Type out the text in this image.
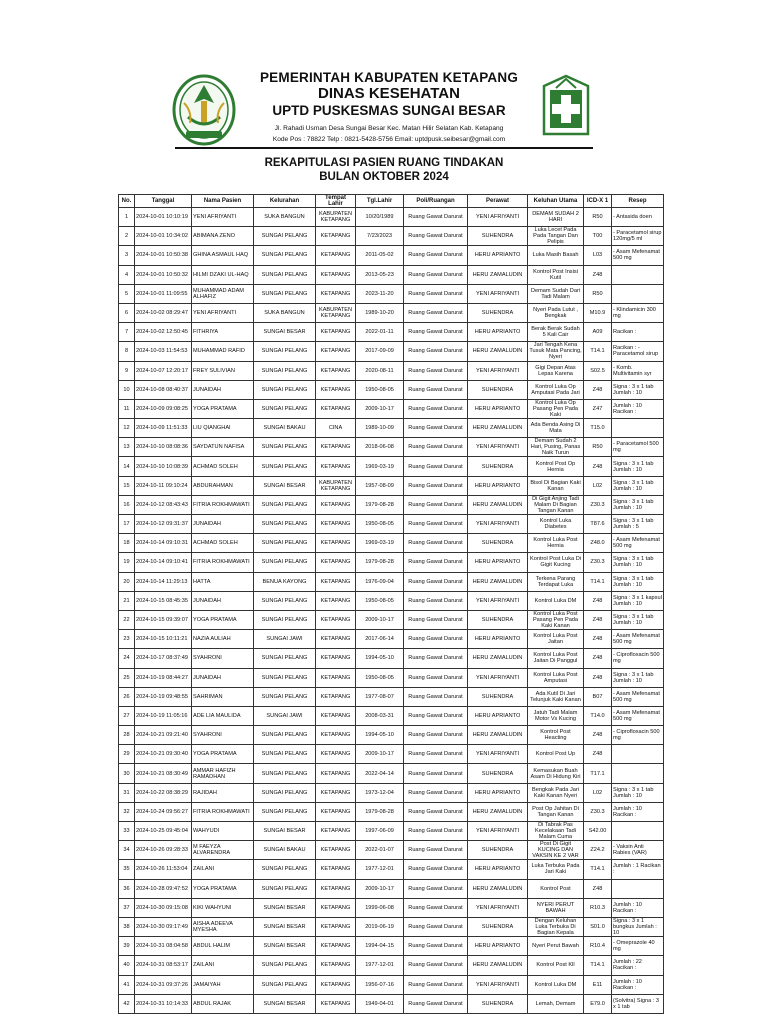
PEMERINTAH KABUPATEN KETAPANG
DINAS KESEHATAN
UPTD PUSKESMAS SUNGAI BESAR
Jl. Rahadi Usman Desa Sungai Besar Kec. Matan Hilir Selatan Kab. Ketapang
Kode Pos : 78822 Telp : 0821-5428-5756 Email: uptdpusk.seibesar@gmail.com
REKAPITULASI PASIEN RUANG TINDAKAN
BULAN OKTOBER 2024
No.	Tanggal	Nama Pasien	Kelurahan	Tempat Lahir	Tgl.Lahir	Poli/Ruangan	Perawat	Keluhan Utama	ICD-X 1	Resep
1	2024-10-01 10:10:19	YENI AFRIYANTI	SUKA BANGUN	KABUPATEN KETAPANG	10/20/1989	Ruang Gawat Darurat	YENI AFRIYANTI	DEMAM SUDAH 2 HARI	R50	- Antasida doen
2	2024-10-01 10:34:02	ABIMANA ZENO	SUNGAI PELANG	KETAPANG	7/23/2023	Ruang Gawat Darurat	SUHENDRA	Luka Lecet Pada Pada Tangan Dan Pelipis	T00	- Paracetamol sirup 120mg/5 ml
3	2024-10-01 10:50:38	GHINA ASMAUL HAQ	SUNGAI PELANG	KETAPANG	2011-05-02	Ruang Gawat Darurat	HERU APRIANTO	Luka Masih Basah	L03	- Asam Mefenamat 500 mg
4	2024-10-01 10:50:32	HILMI DZAKI UL-HAQ	SUNGAI PELANG	KETAPANG	2013-05-23	Ruang Gawat Darurat	HERU ZAMALUDIN	Kontrol Post Insisi Kutil	Z48	
5	2024-10-01 11:09:55	MUHAMMAD ADAM ALHAFIZ	SUNGAI PELANG	KETAPANG	2023-11-20	Ruang Gawat Darurat	YENI AFRIYANTI	Demam Sudah Dari Tadi Malam	R50	
6	2024-10-02 08:29:47	YENI AFRIYANTI	SUKA BANGUN	KABUPATEN KETAPANG	1989-10-20	Ruang Gawat Darurat	SUHENDRA	Nyeri Pada Lutut , Bengkak	M10.9	- Klindamicin 300 mg
7	2024-10-02 12:50:45	FITHRIYA	SUNGAI BESAR	KETAPANG	2022-01-11	Ruang Gawat Darurat	HERU APRIANTO	Berak Berak Sudah 5 Kali Cair	A09	Racikan :
8	2024-10-03 11:54:53	MUHAMMAD RAFID	SUNGAI PELANG	KETAPANG	2017-09-09	Ruang Gawat Darurat	HERU ZAMALUDIN	Jari Tengah Kena Tusuk Mata Pancing, Nyeri	T14.1	Racikan : - Paracetamol sirup
9	2024-10-07 12:20:17	FREY SULIVIAN	SUNGAI PELANG	KETAPANG	2020-08-11	Ruang Gawat Darurat	YENI AFRIYANTI	Gigi Depan Atas Lepas Karena	S02.5	- Komb. Multivitamin syr
10	2024-10-08 08:40:37	JUNAIDAH	SUNGAI PELANG	KETAPANG	1950-08-05	Ruang Gawat Darurat	SUHENDRA	Kontrol Luka Op Amputasi Pada Jari	Z48	Signa : 3 x 1 tab Jumlah : 10
11	2024-10-09 09:08:25	YOGA PRATAMA	SUNGAI PELANG	KETAPANG	2009-10-17	Ruang Gawat Darurat	HERU APRIANTO	Kontrol Luka Op Pasang Pen Pada Kaki	Z47	Jumlah : 10 Racikan :
12	2024-10-09 11:51:33	LIU QIANGHAI	SUNGAI BAKAU	CINA	1989-10-09	Ruang Gawat Darurat	HERU ZAMALUDIN	Ada Benda Asing Di Mata	T15.0	
13	2024-10-10 08:08:36	SAYDATUN NAFISA	SUNGAI PELANG	KETAPANG	2018-06-08	Ruang Gawat Darurat	YENI AFRIYANTI	Demam Sudah 2 Hari, Pusing, Panas Naik Turun	R50	- Paracetamol 500 mg
14	2024-10-10 10:08:39	ACHMAD SOLEH	SUNGAI PELANG	KETAPANG	1969-03-19	Ruang Gawat Darurat	SUHENDRA	Kontrol Post Op Hernia	Z48	Signa : 3 x 1 tab Jumlah : 10
15	2024-10-11 09:10:24	ABDURAHMAN	SUNGAI BESAR	KABUPATEN KETAPANG	1957-08-09	Ruang Gawat Darurat	HERU APRIANTO	Bisol Di Bagian Kaki Kanan	L02	Signa : 3 x 1 tab Jumlah : 10
16	2024-10-12 08:43:43	FITRIA ROKHMAWATI	SUNGAI PELANG	KETAPANG	1979-08-28	Ruang Gawat Darurat	HERU ZAMALUDIN	Di Gigit Anjing Tadi Malam Di Bagian Tangan Kanan	Z30.3	Signa : 3 x 1 tab Jumlah : 10
17	2024-10-12 09:31:37	JUNAIDAH	SUNGAI PELANG	KETAPANG	1950-08-05	Ruang Gawat Darurat	YENI AFRIYANTI	Kontrol Luka Diabetes	T87.6	Signa : 3 x 1 tab Jumlah : 5
18	2024-10-14 09:10:31	ACHMAD SOLEH	SUNGAI PELANG	KETAPANG	1969-03-19	Ruang Gawat Darurat	SUHENDRA	Kontrol Luka Post Hernia	Z48.0	- Asam Mefenamat 500 mg
19	2024-10-14 09:10:41	FITRIA ROKHMAWATI	SUNGAI PELANG	KETAPANG	1979-08-28	Ruang Gawat Darurat	HERU APRIANTO	Kontrol Post Luka Di Gigit Kucing	Z30.3	Signa : 3 x 1 tab Jumlah : 10
20	2024-10-14 11:29:13	HATTA	BENUA KAYONG	KETAPANG	1976-09-04	Ruang Gawat Darurat	HERU ZAMALUDIN	Terkena Parang Terdapat Luka	T14.1	Signa : 3 x 1 tab Jumlah : 10
21	2024-10-15 08:45:35	JUNAIDAH	SUNGAI PELANG	KETAPANG	1950-08-05	Ruang Gawat Darurat	YENI AFRIYANTI	Kontrol Luka DM	Z48	Signa : 3 x 1 kapsul Jumlah : 10
22	2024-10-15 09:39:07	YOGA PRATAMA	SUNGAI PELANG	KETAPANG	2009-10-17	Ruang Gawat Darurat	SUHENDRA	Kontrol Luka Post Pasang Pen Pada Kaki Kanan	Z48	Signa : 3 x 1 tab Jumlah : 10
23	2024-10-15 10:11:21	NAZIA AULIAH	SUNGAI JAWI	KETAPANG	2017-06-14	Ruang Gawat Darurat	HERU APRIANTO	Kontrol Luka Post Jaitan	Z48	- Asam Mefenamat 500 mg
24	2024-10-17 08:37:49	SYAHRONI	SUNGAI PELANG	KETAPANG	1994-05-10	Ruang Gawat Darurat	HERU ZAMALUDIN	Kontrol Luka Post Jaitan Di Panggul	Z48	- Ciprofloxacin 500 mg
25	2024-10-19 08:44:27	JUNAIDAH	SUNGAI PELANG	KETAPANG	1950-08-05	Ruang Gawat Darurat	YENI AFRIYANTI	Kontrol Luka Post Amputasi	Z48	Signa : 3 x 1 tab Jumlah : 10
26	2024-10-19 09:48:55	SAHRIMAN	SUNGAI PELANG	KETAPANG	1977-08-07	Ruang Gawat Darurat	SUHENDRA	Ada Kutil Di Jari Telunjuk Kaki Kanan	B07	- Asam Mefenamat 500 mg
27	2024-10-19 11:05:16	ADE LIA MAULIDA	SUNGAI JAWI	KETAPANG	2008-03-31	Ruang Gawat Darurat	HERU APRIANTO	Jatuh Tadi Malam Motor Vs Kucing	T14.0	- Asam Mefenamat 500 mg
28	2024-10-21 09:21:40	SYAHRONI	SUNGAI PELANG	KETAPANG	1994-05-10	Ruang Gawat Darurat	HERU ZAMALUDIN	Kontrol Post Heacting	Z48	- Ciprofloxacin 500 mg
29	2024-10-21 09:30:40	YOGA PRATAMA	SUNGAI PELANG	KETAPANG	2009-10-17	Ruang Gawat Darurat	YENI AFRIYANTI	Kontrol Post Up	Z48	
30	2024-10-21 08:30:49	AMMAR HAFIZH RAMADHAN	SUNGAI PELANG	KETAPANG	2022-04-14	Ruang Gawat Darurat	SUHENDRA	Kemasukan Buah Asam Di Hidung Kiri	T17.1	
31	2024-10-22 08:38:29	RAJIDAH	SUNGAI PELANG	KETAPANG	1973-12-04	Ruang Gawat Darurat	HERU APRIANTO	Bengkak Pada Jari Kaki Kanan Nyeri	L02	Signa : 3 x 1 tab Jumlah : 10
32	2024-10-24 09:56:27	FITRIA ROKHMAWATI	SUNGAI PELANG	KETAPANG	1979-08-28	Ruang Gawat Darurat	HERU ZAMALUDIN	Post Op Jahitan Di Tangan Kanan	Z30.3	Jumlah : 10 Racikan :
33	2024-10-25 09:45:04	WAHYUDI	SUNGAI BESAR	KETAPANG	1997-06-09	Ruang Gawat Darurat	YENI AFRIYANTI	Di Tabrak Pas Kecelakaan Tadi Malam Cuma	S42.00	
34	2024-10-26 09:28:33	M FAEYZA ALVARENDRA	SUNGAI BAKAU	KETAPANG	2022-01-07	Ruang Gawat Darurat	SUHENDRA	Post Di Gigit KUCING DAN VAKSIN KE 2 VAR	Z24.2	- Vaksin Anti Rabies (VAR)
35	2024-10-26 11:53:04	ZAILANI	SUNGAI PELANG	KETAPANG	1977-12-01	Ruang Gawat Darurat	HERU APRIANTO	Luka Terbuka Pada Jari Kaki	T14.1	Jumlah : 1 Racikan :
36	2024-10-28 09:47:52	YOGA PRATAMA	SUNGAI PELANG	KETAPANG	2009-10-17	Ruang Gawat Darurat	HERU ZAMALUDIN	Kontrol Post	Z48	
37	2024-10-30 09:15:08	KIKI WAHYUNI	SUNGAI BESAR	KETAPANG	1999-06-08	Ruang Gawat Darurat	YENI AFRIYANTI	NYERI PERUT BAWAH	R10.3	Jumlah : 10 Racikan :
38	2024-10-30 09:17:49	AISHA ADEEVA MYESHA	SUNGAI BESAR	KETAPANG	2019-06-19	Ruang Gawat Darurat	SUHENDRA	Dengan Keluhan Luka Terbuka Di Bagian Kepala	S01.0	Signa : 3 x 1 bungkus Jumlah : 10
39	2024-10-31 08:04:58	ABDUL HALIM	SUNGAI BESAR	KETAPANG	1994-04-15	Ruang Gawat Darurat	HERU APRIANTO	Nyeri Perut Bawah	R10.4	- Omeprazole 40 mg
40	2024-10-31 08:53:17	ZAILANI	SUNGAI PELANG	KETAPANG	1977-12-01	Ruang Gawat Darurat	HERU ZAMALUDIN	Kontrol Post Kll	T14.1	Jumlah : 22 Racikan :
41	2024-10-31 09:37:26	JAMAIYAH	SUNGAI PELANG	KETAPANG	1956-07-16	Ruang Gawat Darurat	YENI AFRIYANTI	Kontrol Luka DM	E11	Jumlah : 10 Racikan :
42	2024-10-31 10:14:33	ABDUL RAJAK	SUNGAI BESAR	KETAPANG	1949-04-01	Ruang Gawat Darurat	SUHENDRA	Lemah, Demam	E79.0	(Solvitra) Signa : 3 x 1 tab
